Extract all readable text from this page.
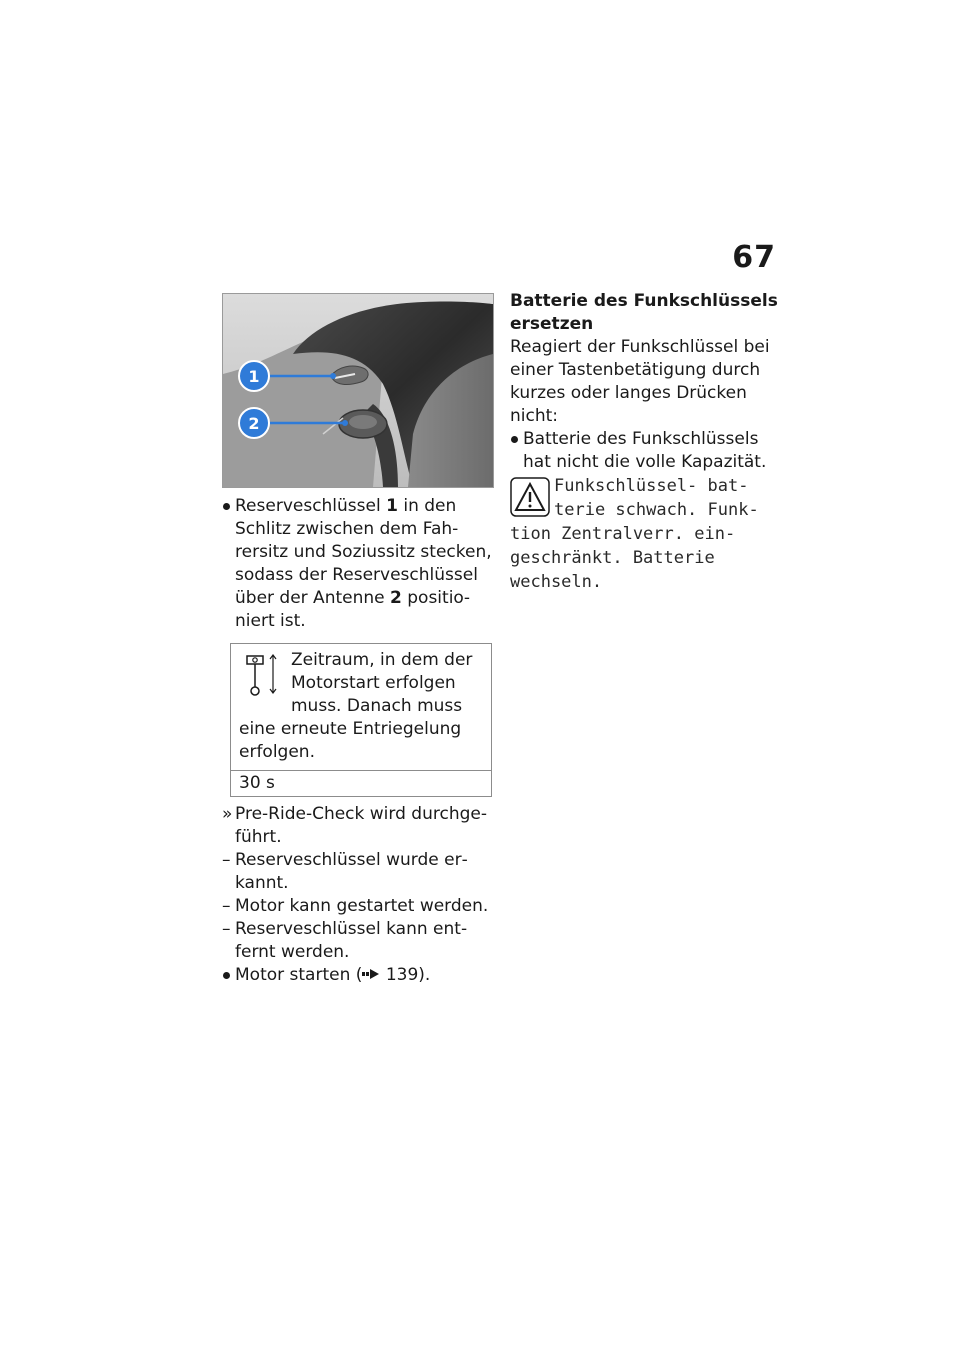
67
1
2
Reserveschlüssel 1 in den Schlitz zwischen dem Fahrersitz und Soziussitz stecken, sodass der Reserveschlüssel über der Antenne 2 positioniert ist.
Zeitraum, in dem der Motorstart erfolgen muss. Danach muss eine erneute Entriegelung erfolgen.
30 s
» Pre-Ride-Check wird durchgeführt.
– Reserveschlüssel wurde erkannt.
– Motor kann gestartet werden.
– Reserveschlüssel kann entfernt werden.
Motor starten ( 139).
Batterie des Funkschlüssels ersetzen
Reagiert der Funkschlüssel bei einer Tastenbetätigung durch kurzes oder langes Drücken nicht:
Batterie des Funkschlüssels hat nicht die volle Kapazität.
Funkschlüssel- batterie schwach. Funktion Zentralverr. eingeschränkt. Batterie wechseln.
